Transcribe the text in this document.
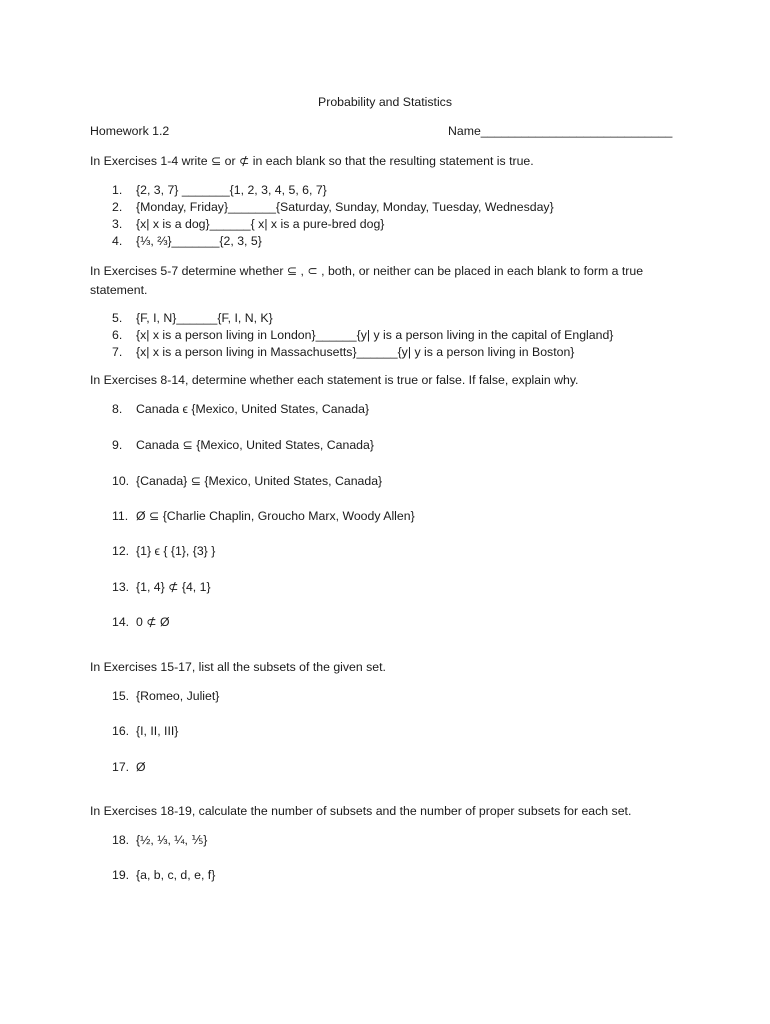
Probability and Statistics
Homework 1.2	Name____________________________
In Exercises 1-4 write ⊆ or ⊄ in each blank so that the resulting statement is true.
1. {2, 3, 7} _______{1, 2, 3, 4, 5, 6, 7}
2. {Monday, Friday}_______{Saturday, Sunday, Monday, Tuesday, Wednesday}
3. {x| x is a dog}______{ x| x is a pure-bred dog}
4. {⅓, ⅔}_______{2, 3, 5}
In Exercises 5-7 determine whether ⊆ , ⊂ , both, or neither can be placed in each blank to form a true statement.
5. {F, I, N}______{F, I, N, K}
6. {x| x is a person living in London}______{y| y is a person living in the capital of England}
7. {x| x is a person living in Massachusetts}______{y| y is a person living in Boston}
In Exercises 8-14, determine whether each statement is true or false. If false, explain why.
8. Canada ϵ {Mexico, United States, Canada}
9. Canada ⊆ {Mexico, United States, Canada}
10. {Canada} ⊆ {Mexico, United States, Canada}
11. Ø ⊆ {Charlie Chaplin, Groucho Marx, Woody Allen}
12. {1} ϵ { {1}, {3} }
13. {1, 4} ⊄ {4, 1}
14. 0 ⊄ Ø
In Exercises 15-17, list all the subsets of the given set.
15. {Romeo, Juliet}
16. {I, II, III}
17. Ø
In Exercises 18-19, calculate the number of subsets and the number of proper subsets for each set.
18. {½, ⅓, ¼, ⅕}
19. {a, b, c, d, e, f}
